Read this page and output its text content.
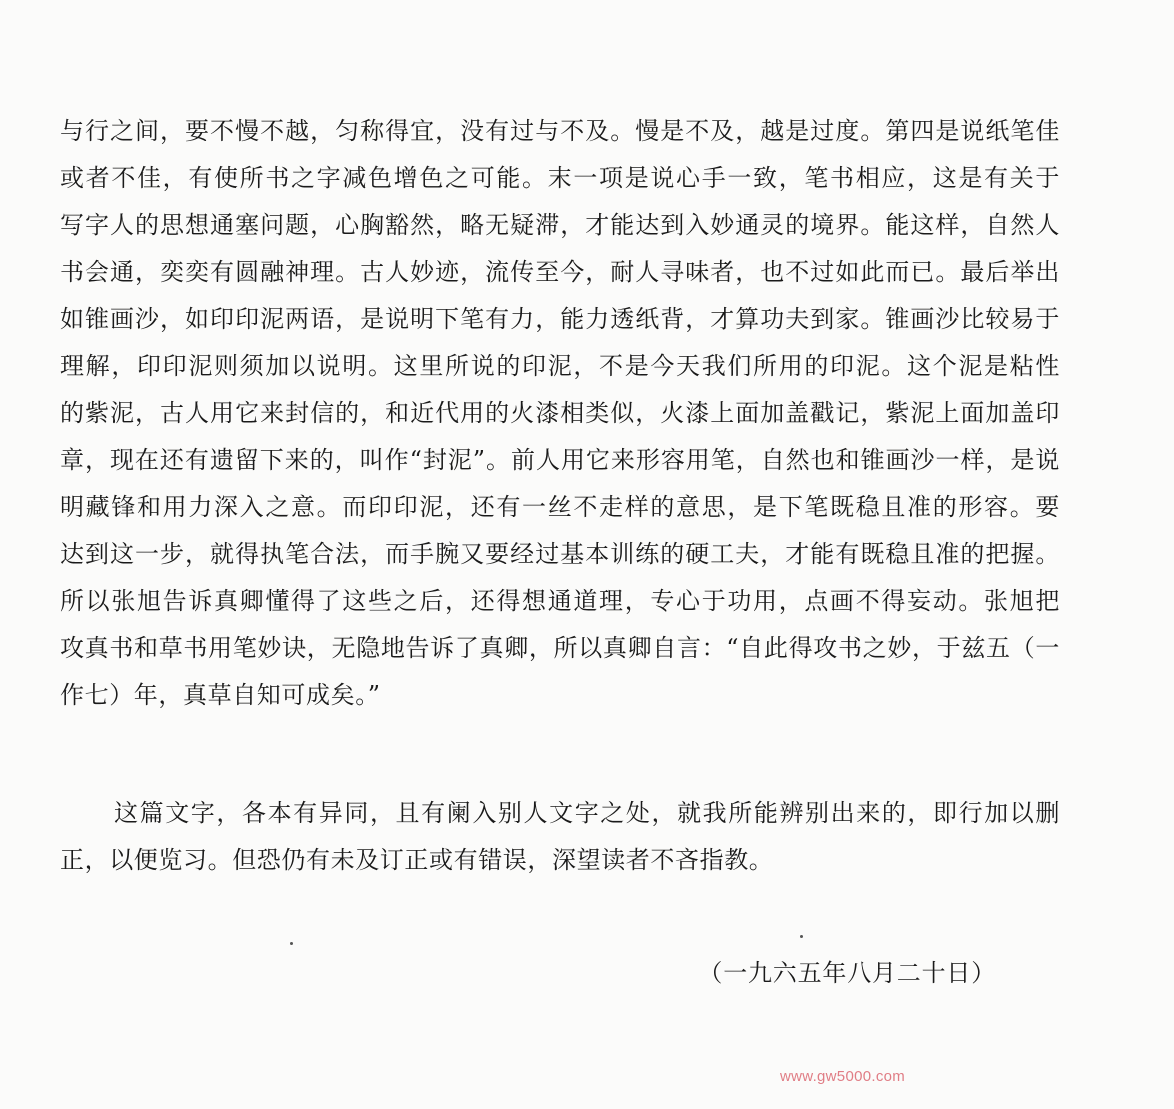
与行之间，要不慢不越，匀称得宜，没有过与不及。慢是不及，越是过度。第四是说纸笔佳
或者不佳，有使所书之字减色增色之可能。末一项是说心手一致，笔书相应，这是有关于
写字人的思想通塞问题，心胸豁然，略无疑滞，才能达到入妙通灵的境界。能这样，自然人
书会通，奕奕有圆融神理。古人妙迹，流传至今，耐人寻味者，也不过如此而已。最后举出
如锥画沙，如印印泥两语，是说明下笔有力，能力透纸背，才算功夫到家。锥画沙比较易于
理解，印印泥则须加以说明。这里所说的印泥，不是今天我们所用的印泥。这个泥是粘性
的紫泥，古人用它来封信的，和近代用的火漆相类似，火漆上面加盖戳记，紫泥上面加盖印
章，现在还有遗留下来的，叫作“封泥”。前人用它来形容用笔，自然也和锥画沙一样，是说
明藏锋和用力深入之意。而印印泥，还有一丝不走样的意思，是下笔既稳且准的形容。要
达到这一步，就得执笔合法，而手腕又要经过基本训练的硬工夫，才能有既稳且准的把握。
所以张旭告诉真卿懂得了这些之后，还得想通道理，专心于功用，点画不得妄动。张旭把
攻真书和草书用笔妙诀，无隐地告诉了真卿，所以真卿自言：“自此得攻书之妙，于兹五（一
作七）年，真草自知可成矣。”
这篇文字，各本有异同，且有阑入别人文字之处，就我所能辨别出来的，即行加以删
正，以便览习。但恐仍有未及订正或有错误，深望读者不吝指教。
（一九六五年八月二十日）
www.gw5000.com
